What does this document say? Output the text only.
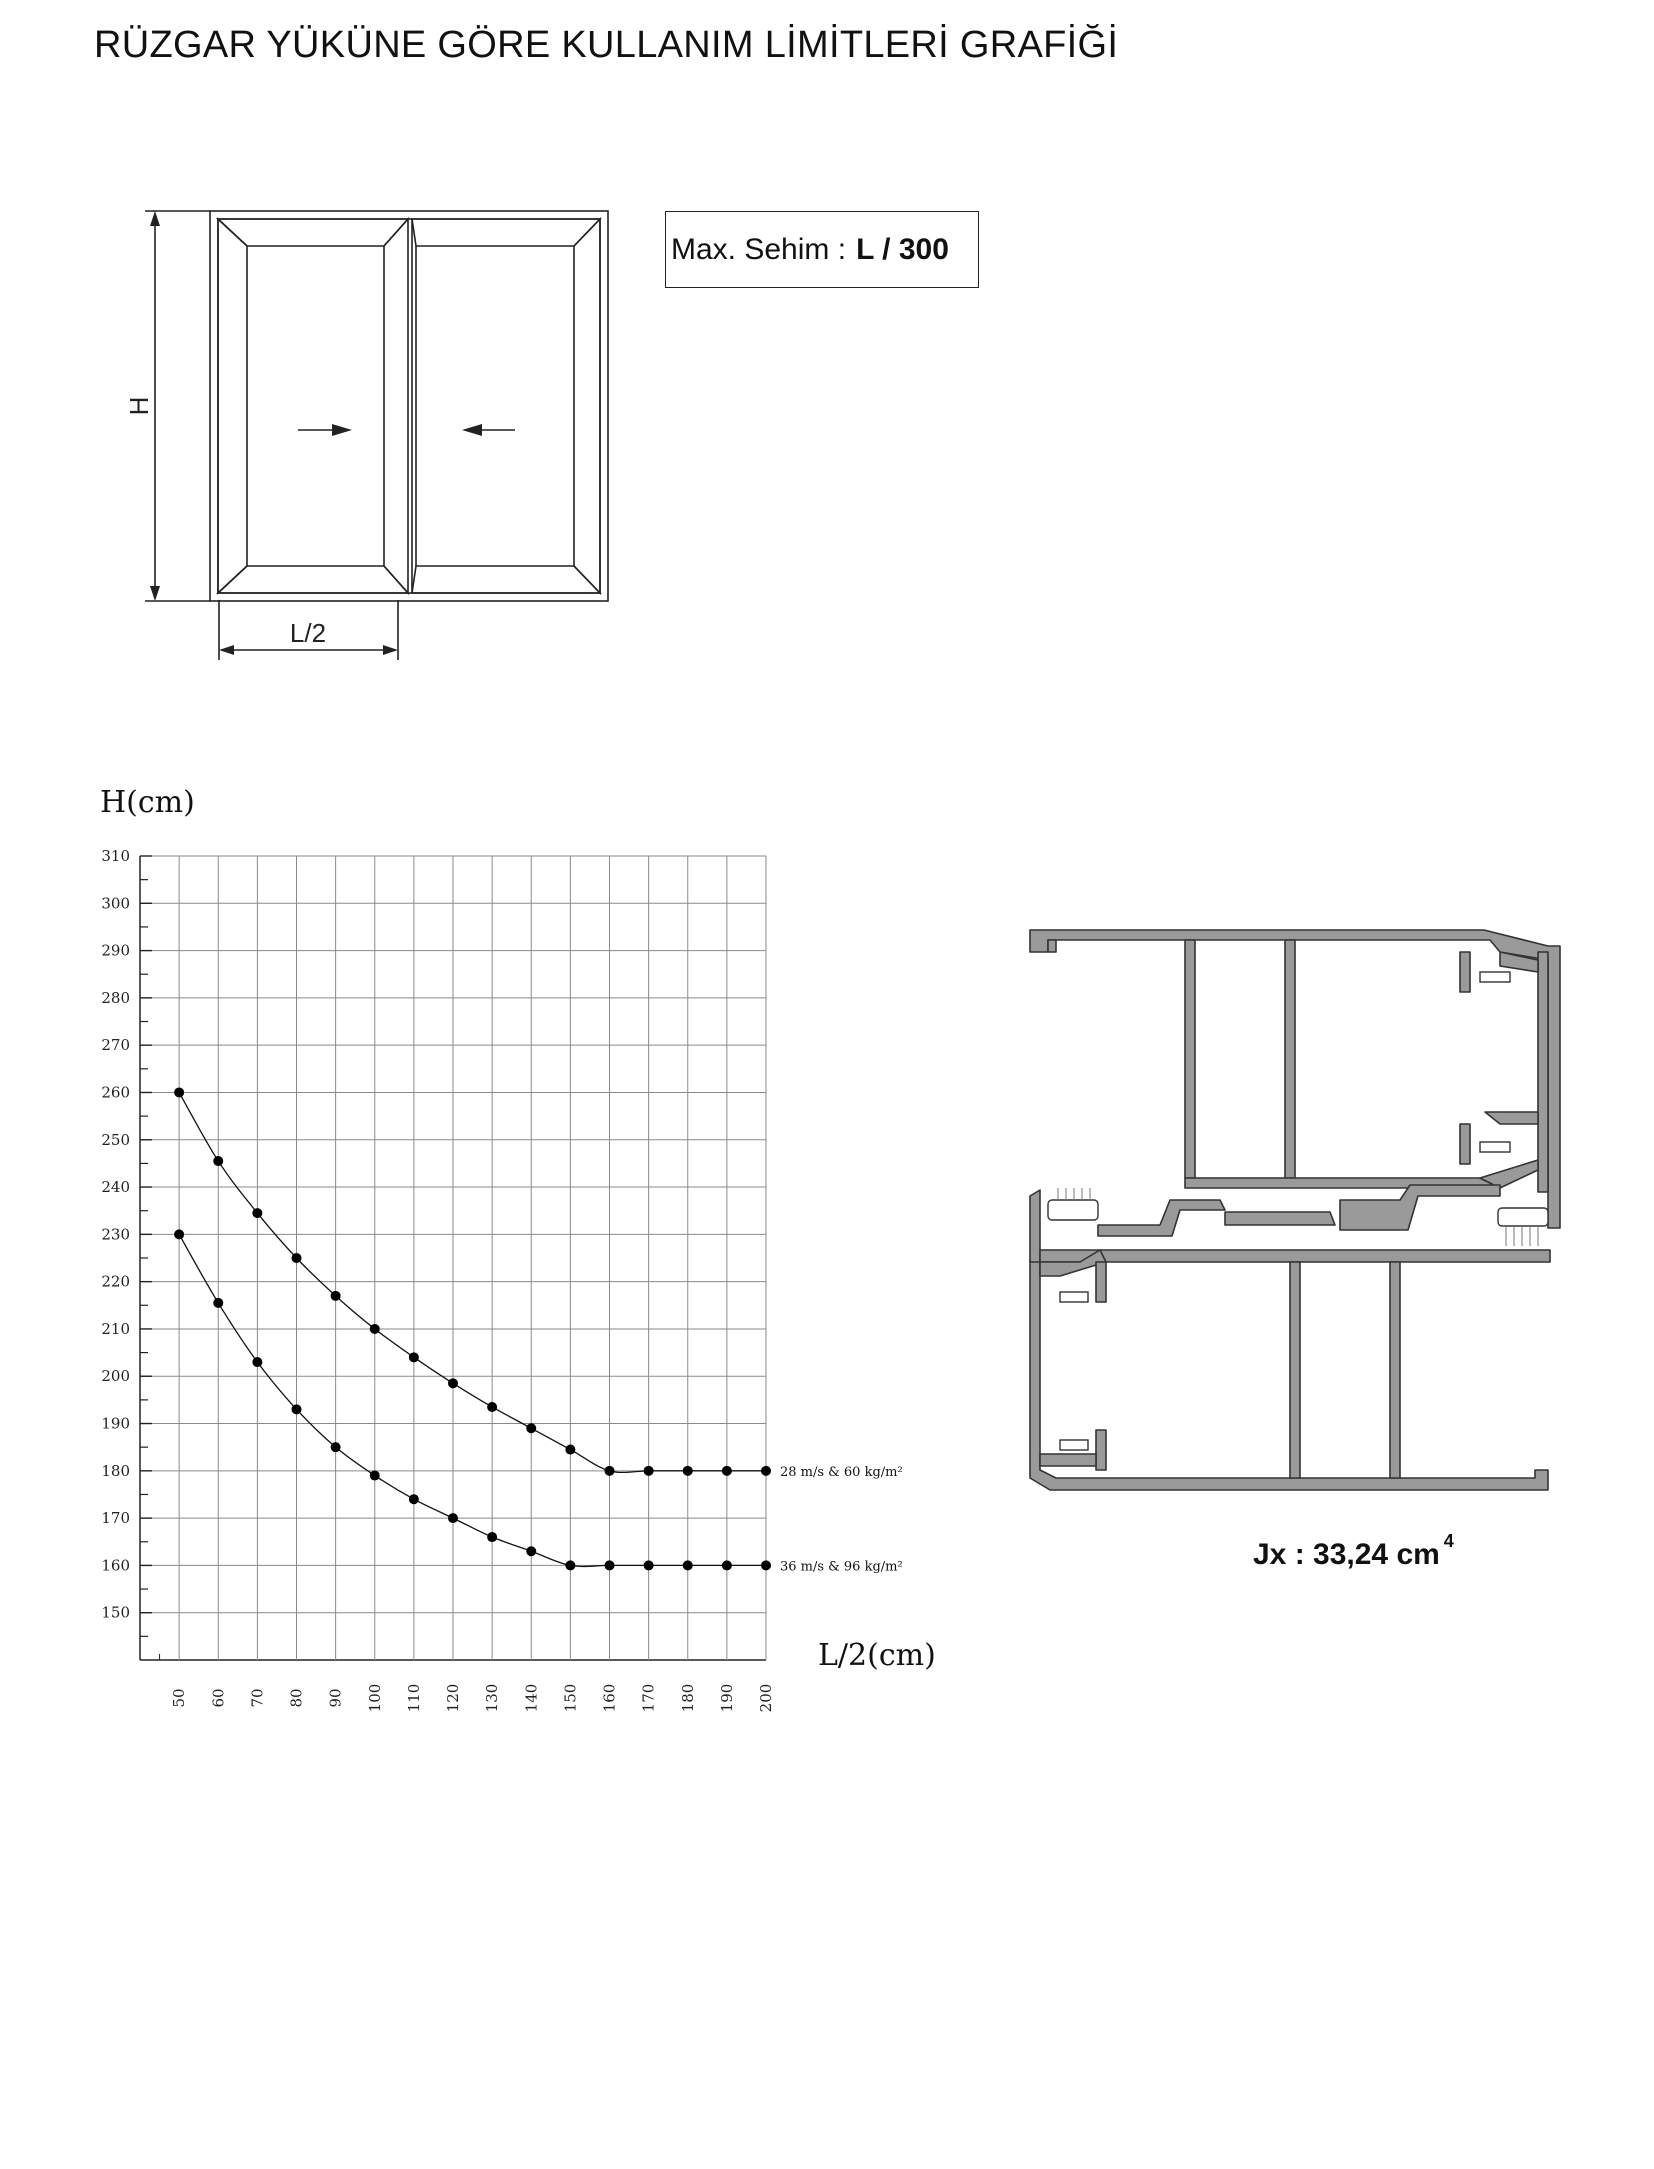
RÜZGAR YÜKÜNE GÖRE KULLANIM LİMİTLERİ GRAFİĞİ
H
L/2
Max. Sehim : L / 300
150
160
170
180
190
200
210
220
230
240
250
260
270
280
290
300
310
50 60 70 80 90 100 110 120 130 140 150 160 170 180 190 200
28 m/s & 60 kg/m²
36 m/s & 96 kg/m²
H(cm)
L/2(cm)
Jx : 33,24 cm $^4$
